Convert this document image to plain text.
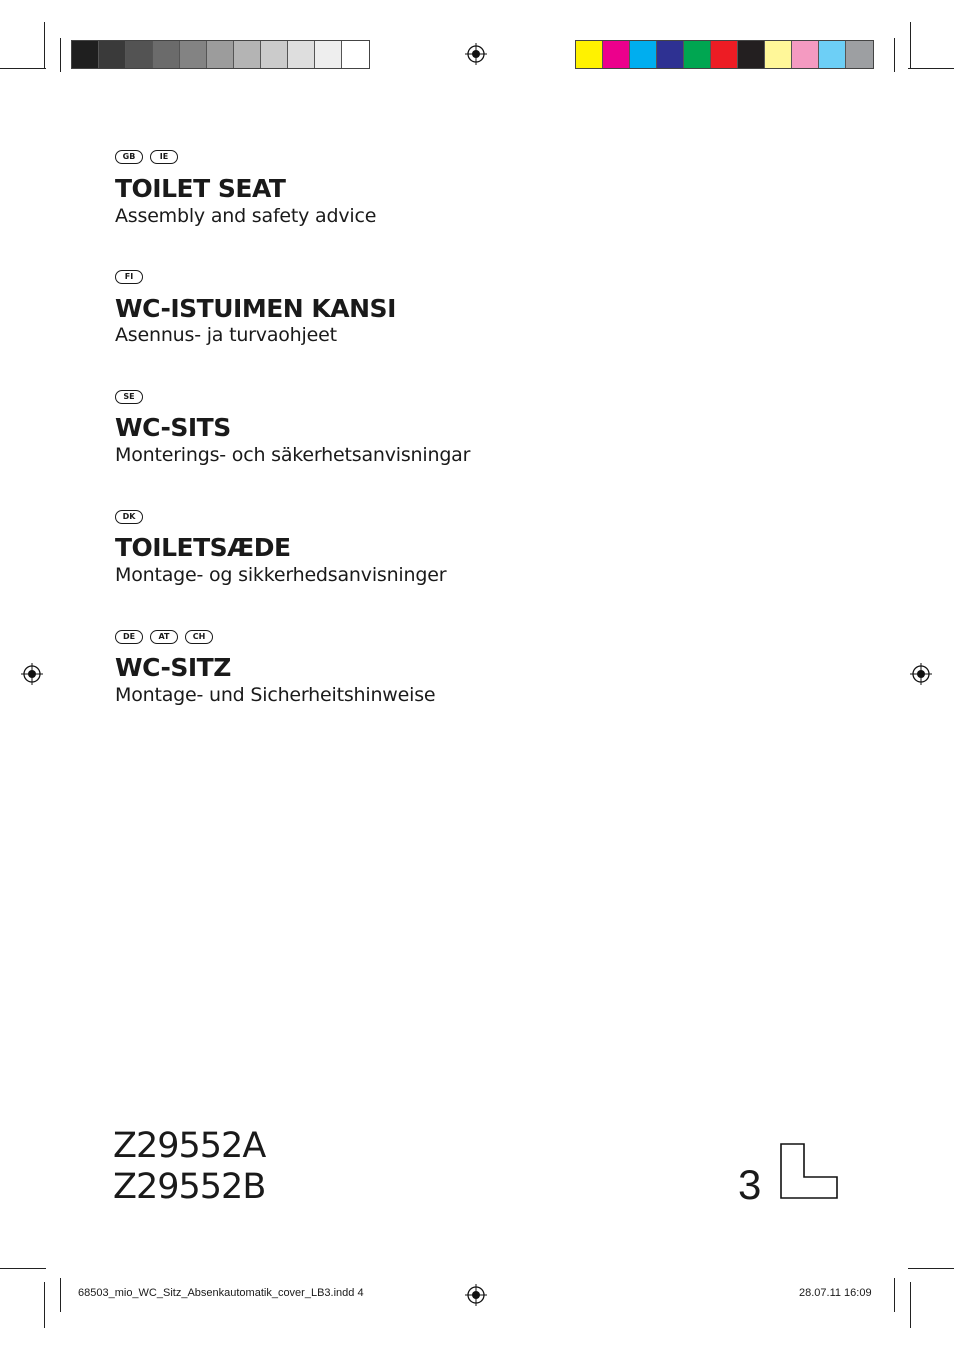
GB	IE
TOILET SEAT

Assembly and safety advice

FI
WC-ISTUIMEN KANSI

Asennus- ja turvaohjeet

SE
WC-SITS

Monterings- och säkerhetsanvisningar

DK
TOILETSÆDE

Montage- og sikkerhedsanvisninger

DE	AT	CH
WC-SITZ

Montage- und Sicherheitshinweise

Z29552A
Z29552B	3
68503_mio_WC_Sitz_Absenkautomatik_cover_LB3.indd 4	28.07.11 16:09
